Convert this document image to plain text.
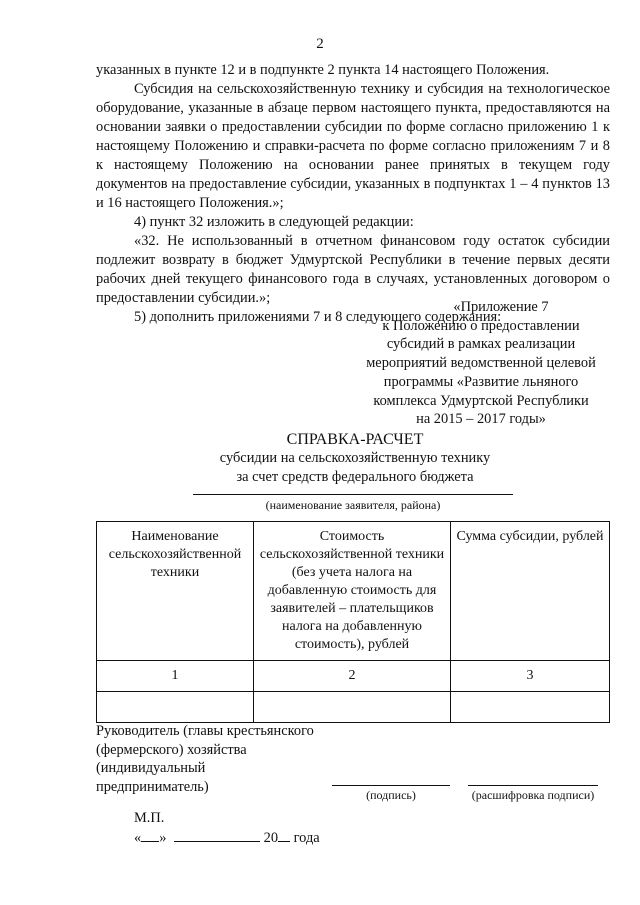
2

указанных в пункте 12 и в подпункте 2 пункта 14 настоящего Положения.

Субсидия на сельскохозяйственную технику и субсидия на технологическое оборудование, указанные в абзаце первом настоящего пункта, предоставляются на основании заявки о предоставлении субсидии по форме согласно приложению 1 к настоящему Положению и справки-расчета по форме согласно приложениям 7 и 8 к настоящему Положению на основании ранее принятых в текущем году документов на предоставление субсидии, указанных в подпунктах 1 – 4 пунктов 13 и 16 настоящего Положения.»;

4) пункт 32 изложить в следующей редакции:

«32. Не использованный в отчетном финансовом году остаток субсидии подлежит возврату в бюджет Удмуртской Республики в течение первых десяти рабочих дней текущего финансового года в случаях, установленных договором о предоставлении субсидии.»;

5) дополнить приложениями 7 и 8 следующего содержания:

«Приложение 7
к Положению о предоставлении
субсидий в рамках реализации
мероприятий ведомственной целевой
программы «Развитие льняного
комплекса Удмуртской Республики
на 2015 – 2017 годы»
СПРАВКА-РАСЧЕТ
субсидии на сельскохозяйственную технику
за счет средств федерального бюджета
(наименование заявителя, района)
Наименование сельскохозяйственной техники	Стоимость сельскохозяйственной техники (без учета налога на добавленную стоимость для заявителей – плательщиков налога на добавленную стоимость), рублей	Сумма субсидии, рублей
1	2	3

Руководитель (главы крестьянского (фермерского) хозяйства (индивидуальный предприниматель)
(подпись)	(расшифровка подписи)
М.П.
« »	20 года
